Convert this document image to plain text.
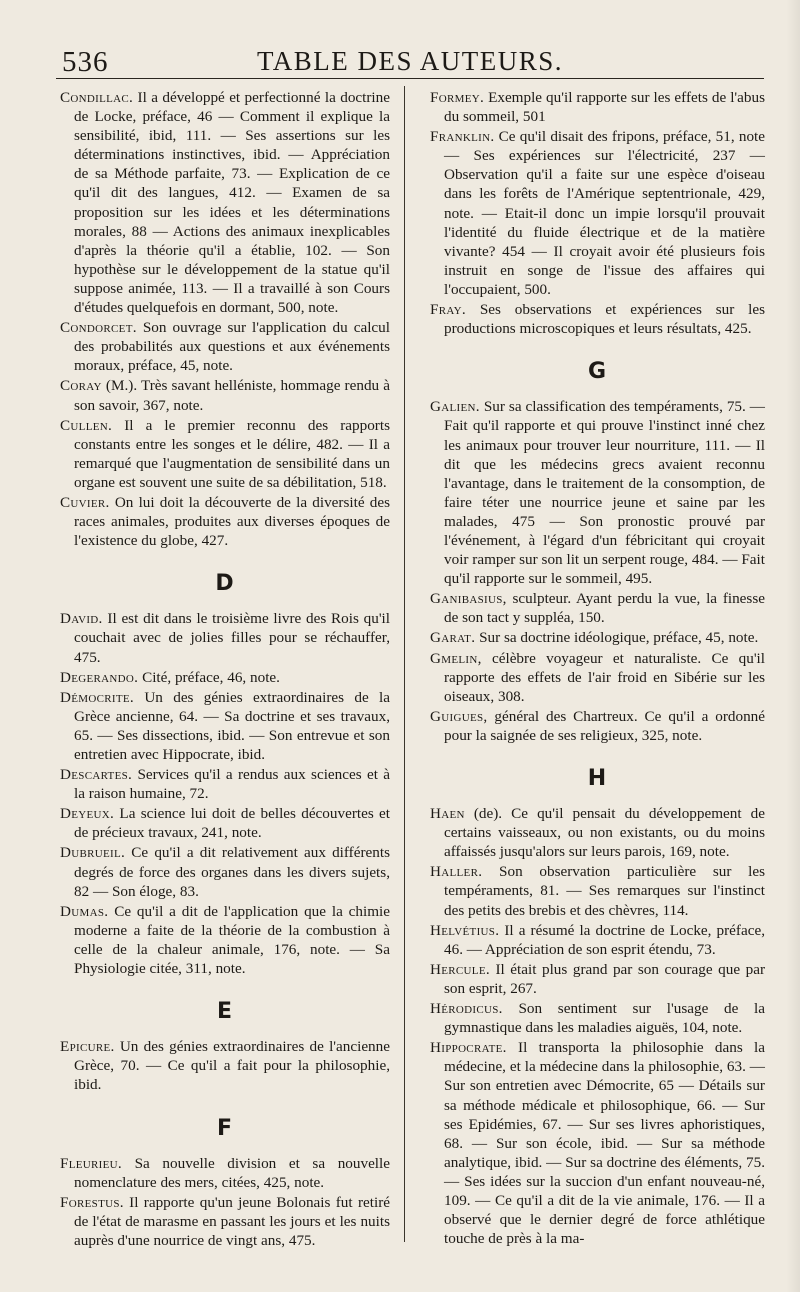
536	TABLE DES AUTEURS.
Condillac. Il a développé et perfectionné la doctrine de Locke, préface, 46 — Comment il explique la sensibilité, ibid, 111. — Ses assertions sur les déterminations instinctives, ibid. — Appréciation de sa Méthode parfaite, 73. — Explication de ce qu'il dit des langues, 412. — Examen de sa proposition sur les idées et les déterminations morales, 88 — Actions des animaux inexplicables d'après la théorie qu'il a établie, 102. — Son hypothèse sur le développement de la statue qu'il suppose animée, 113. — Il a travaillé à son Cours d'études quelquefois en dormant, 500, note.
Condorcet. Son ouvrage sur l'application du calcul des probabilités aux questions et aux événements moraux, préface, 45, note.
Coray (M.). Très savant helléniste, hommage rendu à son savoir, 367, note.
Cullen. Il a le premier reconnu des rapports constants entre les songes et le délire, 482. — Il a remarqué que l'augmentation de sensibilité dans un organe est souvent une suite de sa débilitation, 518.
Cuvier. On lui doit la découverte de la diversité des races animales, produites aux diverses époques de l'existence du globe, 427.
D
David. Il est dit dans le troisième livre des Rois qu'il couchait avec de jolies filles pour se réchauffer, 475.
Degerando. Cité, préface, 46, note.
Démocrite. Un des génies extraordinaires de la Grèce ancienne, 64. — Sa doctrine et ses travaux, 65. — Ses dissections, ibid. — Son entrevue et son entretien avec Hippocrate, ibid.
Descartes. Services qu'il a rendus aux sciences et à la raison humaine, 72.
Deyeux. La science lui doit de belles découvertes et de précieux travaux, 241, note.
Dubrueil. Ce qu'il a dit relativement aux différents degrés de force des organes dans les divers sujets, 82 — Son éloge, 83.
Dumas. Ce qu'il a dit de l'application que la chimie moderne a faite de la théorie de la combustion à celle de la chaleur animale, 176, note. — Sa Physiologie citée, 311, note.
E
Epicure. Un des génies extraordinaires de l'ancienne Grèce, 70. — Ce qu'il a fait pour la philosophie, ibid.
F
Fleurieu. Sa nouvelle division et sa nouvelle nomenclature des mers, citées, 425, note.
Forestus. Il rapporte qu'un jeune Bolonais fut retiré de l'état de marasme en passant les jours et les nuits auprès d'une nourrice de vingt ans, 475.
Formey. Exemple qu'il rapporte sur les effets de l'abus du sommeil, 501
Franklin. Ce qu'il disait des fripons, préface, 51, note — Ses expériences sur l'électricité, 237 — Observation qu'il a faite sur une espèce d'oiseau dans les forêts de l'Amérique septentrionale, 429, note. — Etait-il donc un impie lorsqu'il prouvait l'identité du fluide électrique et de la matière vivante? 454 — Il croyait avoir été plusieurs fois instruit en songe de l'issue des affaires qui l'occupaient, 500.
Fray. Ses observations et expériences sur les productions microscopiques et leurs résultats, 425.
G
Galien. Sur sa classification des tempéraments, 75. — Fait qu'il rapporte et qui prouve l'instinct inné chez les animaux pour trouver leur nourriture, 111. — Il dit que les médecins grecs avaient reconnu l'avantage, dans le traitement de la consomption, de faire téter une nourrice jeune et saine par les malades, 475 — Son pronostic prouvé par l'événement, à l'égard d'un fébricitant qui croyait voir ramper sur son lit un serpent rouge, 484. — Fait qu'il rapporte sur le sommeil, 495.
Ganibasius, sculpteur. Ayant perdu la vue, la finesse de son tact y suppléa, 150.
Garat. Sur sa doctrine idéologique, préface, 45, note.
Gmelin, célèbre voyageur et naturaliste. Ce qu'il rapporte des effets de l'air froid en Sibérie sur les oiseaux, 308.
Guigues, général des Chartreux. Ce qu'il a ordonné pour la saignée de ses religieux, 325, note.
H
Haen (de). Ce qu'il pensait du développement de certains vaisseaux, ou non existants, ou du moins affaissés jusqu'alors sur leurs parois, 169, note.
Haller. Son observation particulière sur les tempéraments, 81. — Ses remarques sur l'instinct des petits des brebis et des chèvres, 114.
Helvétius. Il a résumé la doctrine de Locke, préface, 46. — Appréciation de son esprit étendu, 73.
Hercule. Il était plus grand par son courage que par son esprit, 267.
Hérodicus. Son sentiment sur l'usage de la gymnastique dans les maladies aiguës, 104, note.
Hippocrate. Il transporta la philosophie dans la médecine, et la médecine dans la philosophie, 63. — Sur son entretien avec Démocrite, 65 — Détails sur sa méthode médicale et philosophique, 66. — Sur ses Epidémies, 67. — Sur ses livres aphoristiques, 68. — Sur son école, ibid. — Sur sa méthode analytique, ibid. — Sur sa doctrine des éléments, 75. — Ses idées sur la succion d'un enfant nouveau-né, 109. — Ce qu'il a dit de la vie animale, 176. — Il a observé que le dernier degré de force athlétique touche de près à la ma-
